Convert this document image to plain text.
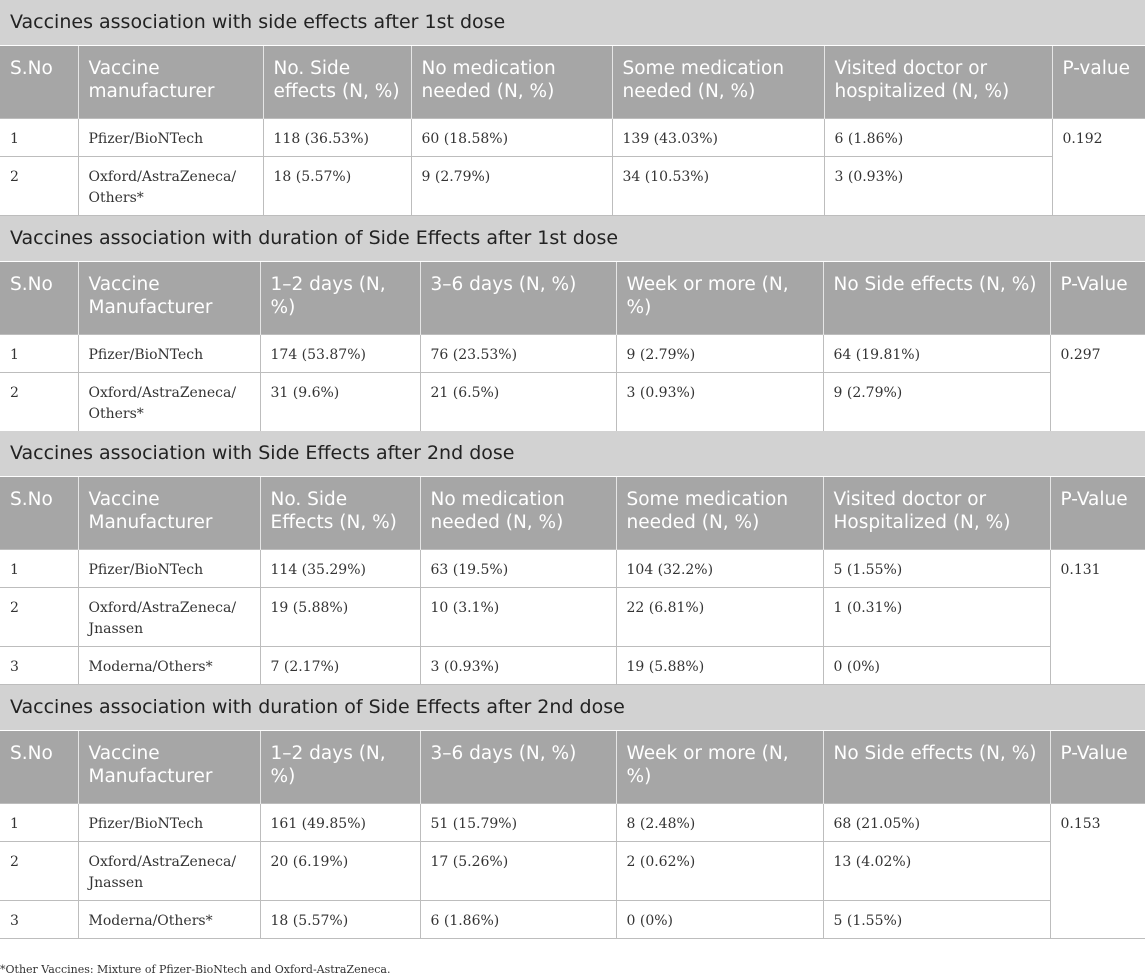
Vaccines association with side effects after 1st dose
S.No	Vaccine manufacturer	No. Side effects (N, %)	No medication needed (N, %)	Some medication needed (N, %)	Visited doctor or hospitalized (N, %)	P-value
1	Pfizer/BioNTech	118 (36.53%)	60 (18.58%)	139 (43.03%)	6 (1.86%)	0.192
2	Oxford/AstraZeneca/ Others*	18 (5.57%)	9 (2.79%)	34 (10.53%)	3 (0.93%)	
Vaccines association with duration of Side Effects after 1st dose
S.No	Vaccine Manufacturer	1–2 days (N, %)	3–6 days (N, %)	Week or more (N, %)	No Side effects (N, %)	P-Value
1	Pfizer/BioNTech	174 (53.87%)	76 (23.53%)	9 (2.79%)	64 (19.81%)	0.297
2	Oxford/AstraZeneca/ Others*	31 (9.6%)	21 (6.5%)	3 (0.93%)	9 (2.79%)	
Vaccines association with Side Effects after 2nd dose
S.No	Vaccine Manufacturer	No. Side Effects (N, %)	No medication needed (N, %)	Some medication needed (N, %)	Visited doctor or Hospitalized (N, %)	P-Value
1	Pfizer/BioNTech	114 (35.29%)	63 (19.5%)	104 (32.2%)	5 (1.55%)	0.131
2	Oxford/AstraZeneca/ Jnassen	19 (5.88%)	10 (3.1%)	22 (6.81%)	1 (0.31%)	
3	Moderna/Others*	7 (2.17%)	3 (0.93%)	19 (5.88%)	0 (0%)	
Vaccines association with duration of Side Effects after 2nd dose
S.No	Vaccine Manufacturer	1–2 days (N, %)	3–6 days (N, %)	Week or more (N, %)	No Side effects (N, %)	P-Value
1	Pfizer/BioNTech	161 (49.85%)	51 (15.79%)	8 (2.48%)	68 (21.05%)	0.153
2	Oxford/AstraZeneca/ Jnassen	20 (6.19%)	17 (5.26%)	2 (0.62%)	13 (4.02%)	
3	Moderna/Others*	18 (5.57%)	6 (1.86%)	0 (0%)	5 (1.55%)	
*Other Vaccines: Mixture of Pfizer-BioNtech and Oxford-AstraZeneca.
